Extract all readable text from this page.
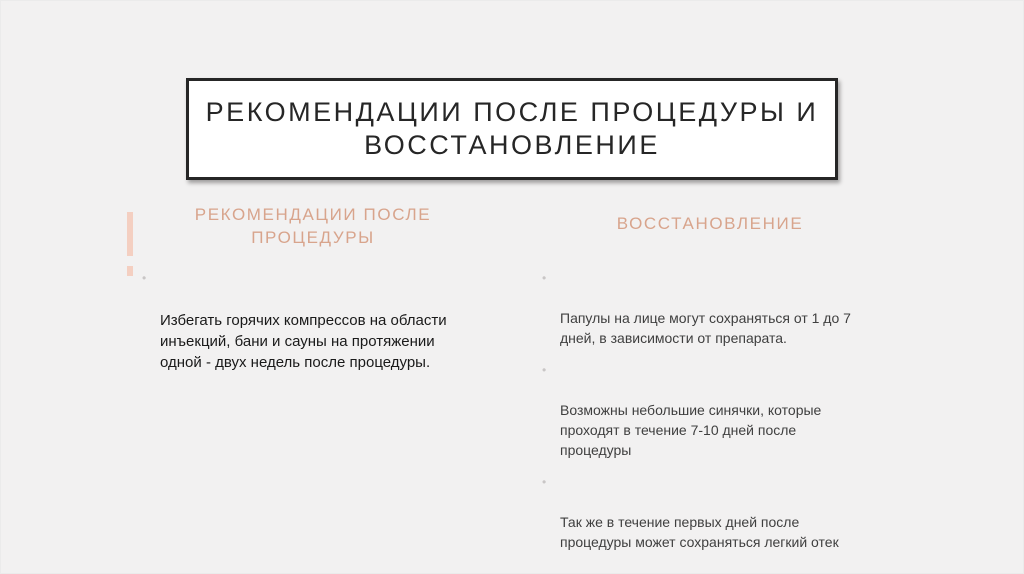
РЕКОМЕНДАЦИИ ПОСЛЕ ПРОЦЕДУРЫ И
ВОССТАНОВЛЕНИЕ
РЕКОМЕНДАЦИИ ПОСЛЕ
ПРОЦЕДУРЫ
ВОССТАНОВЛЕНИЕ

•

Избегать горячих компрессов на области
инъекций, бани и сауны на протяжении
одной - двух недель после процедуры.

•

Папулы на лице могут сохраняться от 1 до 7
дней, в зависимости от препарата.

•

Возможны небольшие синячки, которые
проходят в течение 7-10 дней после
процедуры

•

Так же в течение первых дней после
процедуры может сохраняться легкий отек
